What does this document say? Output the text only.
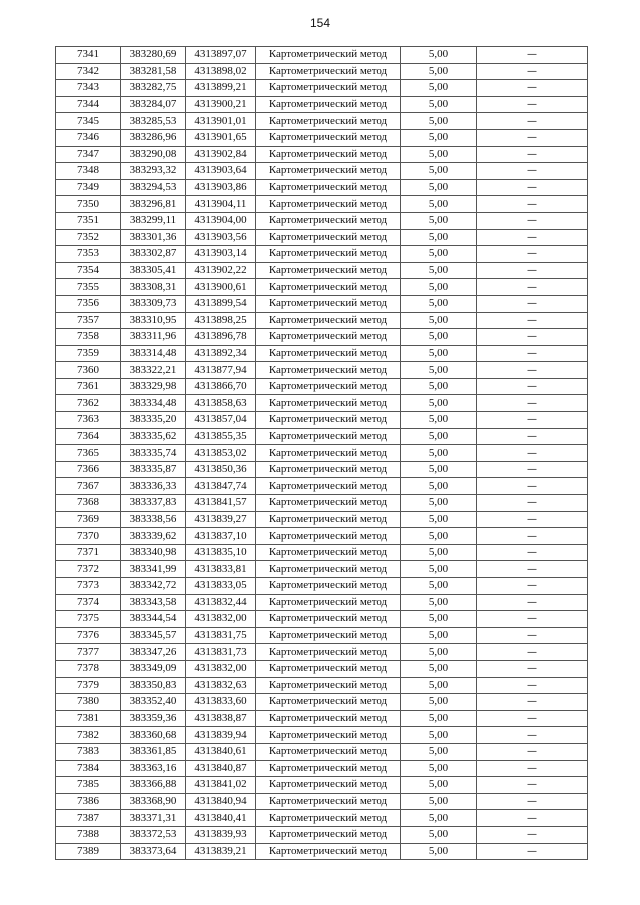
154
7341	383280,69	4313897,07	Картометрический метод	5,00	—
7342	383281,58	4313898,02	Картометрический метод	5,00	—
7343	383282,75	4313899,21	Картометрический метод	5,00	—
7344	383284,07	4313900,21	Картометрический метод	5,00	—
7345	383285,53	4313901,01	Картометрический метод	5,00	—
7346	383286,96	4313901,65	Картометрический метод	5,00	—
7347	383290,08	4313902,84	Картометрический метод	5,00	—
7348	383293,32	4313903,64	Картометрический метод	5,00	—
7349	383294,53	4313903,86	Картометрический метод	5,00	—
7350	383296,81	4313904,11	Картометрический метод	5,00	—
7351	383299,11	4313904,00	Картометрический метод	5,00	—
7352	383301,36	4313903,56	Картометрический метод	5,00	—
7353	383302,87	4313903,14	Картометрический метод	5,00	—
7354	383305,41	4313902,22	Картометрический метод	5,00	—
7355	383308,31	4313900,61	Картометрический метод	5,00	—
7356	383309,73	4313899,54	Картометрический метод	5,00	—
7357	383310,95	4313898,25	Картометрический метод	5,00	—
7358	383311,96	4313896,78	Картометрический метод	5,00	—
7359	383314,48	4313892,34	Картометрический метод	5,00	—
7360	383322,21	4313877,94	Картометрический метод	5,00	—
7361	383329,98	4313866,70	Картометрический метод	5,00	—
7362	383334,48	4313858,63	Картометрический метод	5,00	—
7363	383335,20	4313857,04	Картометрический метод	5,00	—
7364	383335,62	4313855,35	Картометрический метод	5,00	—
7365	383335,74	4313853,02	Картометрический метод	5,00	—
7366	383335,87	4313850,36	Картометрический метод	5,00	—
7367	383336,33	4313847,74	Картометрический метод	5,00	—
7368	383337,83	4313841,57	Картометрический метод	5,00	—
7369	383338,56	4313839,27	Картометрический метод	5,00	—
7370	383339,62	4313837,10	Картометрический метод	5,00	—
7371	383340,98	4313835,10	Картометрический метод	5,00	—
7372	383341,99	4313833,81	Картометрический метод	5,00	—
7373	383342,72	4313833,05	Картометрический метод	5,00	—
7374	383343,58	4313832,44	Картометрический метод	5,00	—
7375	383344,54	4313832,00	Картометрический метод	5,00	—
7376	383345,57	4313831,75	Картометрический метод	5,00	—
7377	383347,26	4313831,73	Картометрический метод	5,00	—
7378	383349,09	4313832,00	Картометрический метод	5,00	—
7379	383350,83	4313832,63	Картометрический метод	5,00	—
7380	383352,40	4313833,60	Картометрический метод	5,00	—
7381	383359,36	4313838,87	Картометрический метод	5,00	—
7382	383360,68	4313839,94	Картометрический метод	5,00	—
7383	383361,85	4313840,61	Картометрический метод	5,00	—
7384	383363,16	4313840,87	Картометрический метод	5,00	—
7385	383366,88	4313841,02	Картометрический метод	5,00	—
7386	383368,90	4313840,94	Картометрический метод	5,00	—
7387	383371,31	4313840,41	Картометрический метод	5,00	—
7388	383372,53	4313839,93	Картометрический метод	5,00	—
7389	383373,64	4313839,21	Картометрический метод	5,00	—
